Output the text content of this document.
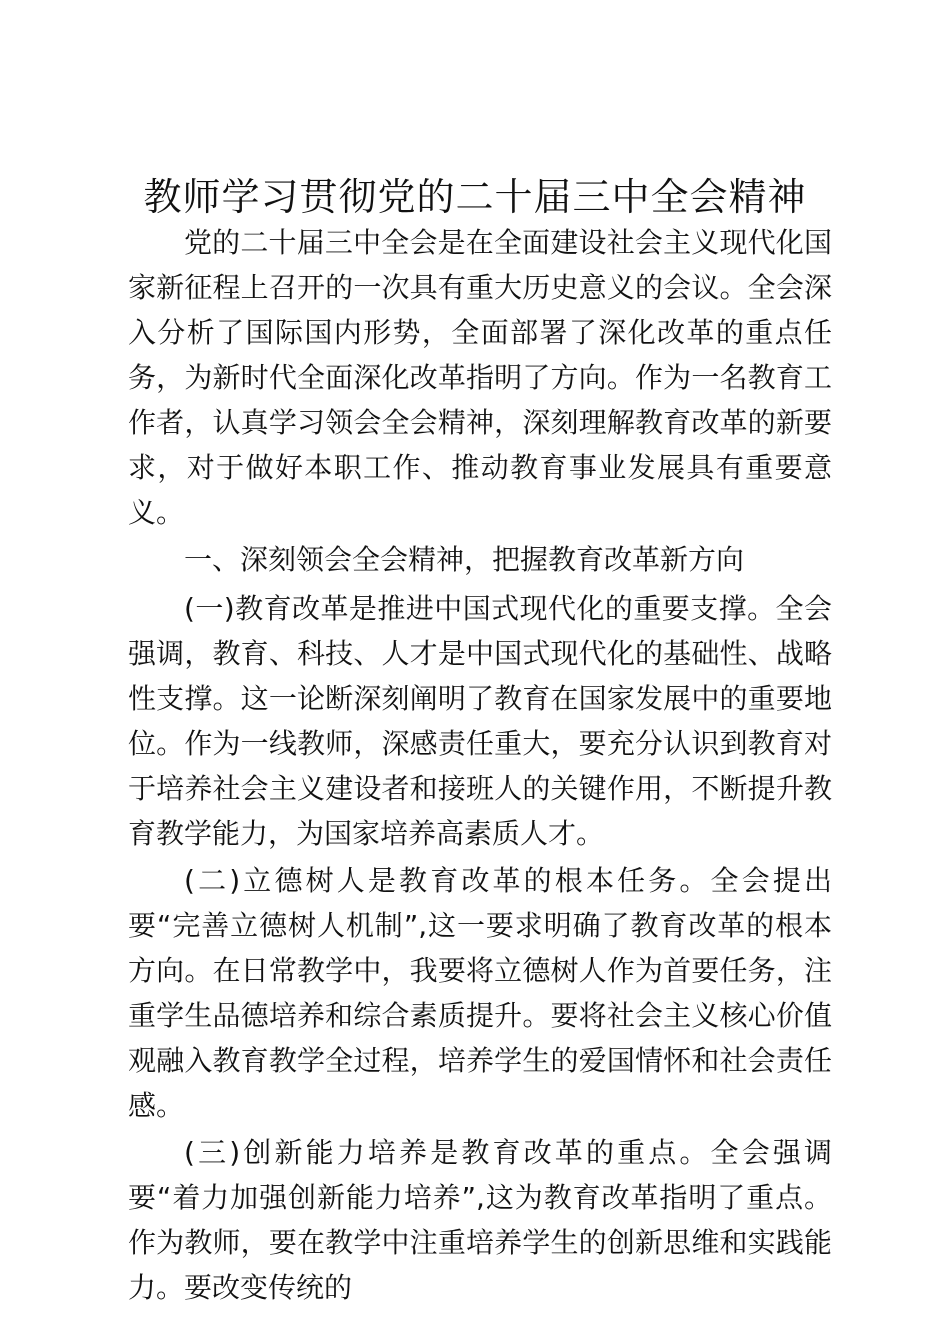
教师学习贯彻党的二十届三中全会精神

党的二十届三中全会是在全面建设社会主义现代化国家新征程上召开的一次具有重大历史意义的会议。全会深入分析了国际国内形势，全面部署了深化改革的重点任务，为新时代全面深化改革指明了方向。作为一名教育工作者，认真学习领会全会精神，深刻理解教育改革的新要求，对于做好本职工作、推动教育事业发展具有重要意义。

一、深刻领会全会精神，把握教育改革新方向

(一)教育改革是推进中国式现代化的重要支撑。全会强调，教育、科技、人才是中国式现代化的基础性、战略性支撑。这一论断深刻阐明了教育在国家发展中的重要地位。作为一线教师，深感责任重大，要充分认识到教育对于培养社会主义建设者和接班人的关键作用，不断提升教育教学能力，为国家培养高素质人才。

(二)立德树人是教育改革的根本任务。全会提出要“完善立德树人机制”,这一要求明确了教育改革的根本方向。在日常教学中，我要将立德树人作为首要任务，注重学生品德培养和综合素质提升。要将社会主义核心价值观融入教育教学全过程，培养学生的爱国情怀和社会责任感。

(三)创新能力培养是教育改革的重点。全会强调要“着力加强创新能力培养”,这为教育改革指明了重点。作为教师，要在教学中注重培养学生的创新思维和实践能力。要改变传统的
